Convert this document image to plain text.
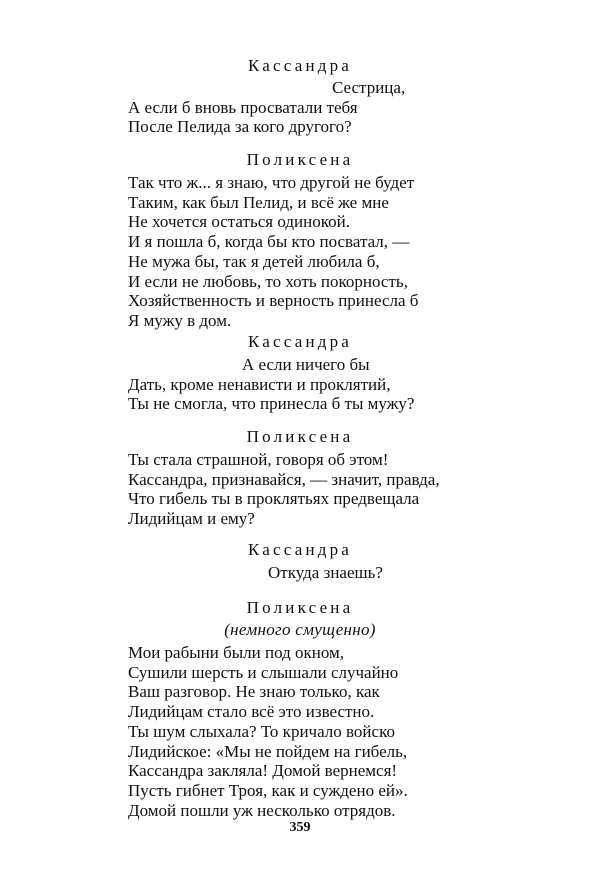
Кассандра

Сестрица,

А если б вновь просватали тебя

После Пелида за кого другого?

Поликсена

Так что ж... я знаю, что другой не будет

Таким, как был Пелид, и всё же мне

Не хочется остаться одинокой.

И я пошла б, когда бы кто посватал, —

Не мужа бы, так я детей любила б,

И если не любовь, то хоть покорность,

Хозяйственность и верность принесла б

Я мужу в дом.

Кассандра

А если ничего бы

Дать, кроме ненависти и проклятий,

Ты не смогла, что принесла б ты мужу?

Поликсена

Ты стала страшной, говоря об этом!

Кассандра, признавайся, — значит, правда,

Что гибель ты в проклятьях предвещала

Лидийцам и ему?

Кассандра

Откуда знаешь?

Поликсена
(немного смущенно)

Мои рабыни были под окном,

Сушили шерсть и слышали случайно

Ваш разговор. Не знаю только, как

Лидийцам стало всё это известно.

Ты шум слыхала? То кричало войско

Лидийское: «Мы не пойдем на гибель,

Кассандра закляла! Домой вернемся!

Пусть гибнет Троя, как и суждено ей».

Домой пошли уж несколько отрядов.

359
